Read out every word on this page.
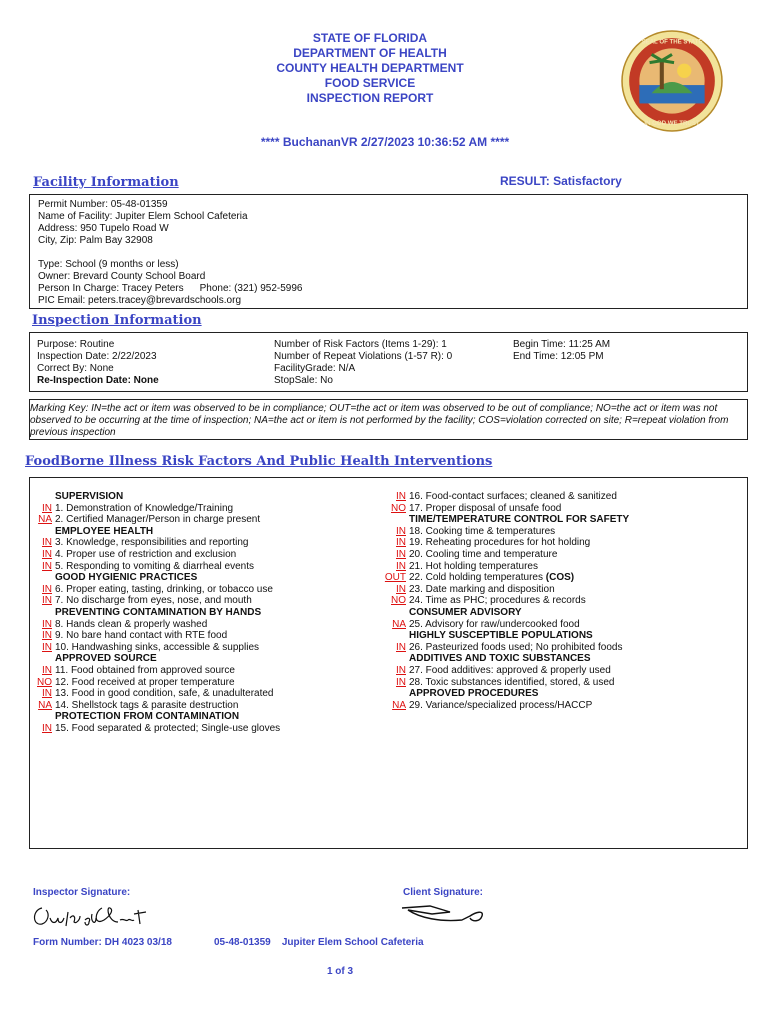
STATE OF FLORIDA
DEPARTMENT OF HEALTH
COUNTY HEALTH DEPARTMENT
FOOD SERVICE
INSPECTION REPORT
SEAL OF THE STATE
IN GOD WE TRUST
**** BuchananVR 2/27/2023 10:36:52 AM ****
Facility Information	RESULT: Satisfactory
Permit Number: 05-48-01359
Name of Facility: Jupiter Elem School Cafeteria
Address: 950 Tupelo Road W
City, Zip: Palm Bay 32908
Type: School (9 months or less)
Owner: Brevard County School Board
Person In Charge: Tracey Peters Phone: (321) 952-5996
PIC Email: peters.tracey@brevardschools.org
Inspection Information
Purpose: Routine
Inspection Date: 2/22/2023
Correct By: None
Re-Inspection Date: None
Number of Risk Factors (Items 1-29): 1
Number of Repeat Violations (1-57 R): 0
FacilityGrade: N/A
StopSale: No
Begin Time: 11:25 AM
End Time: 12:05 PM
Marking Key: IN=the act or item was observed to be in compliance; OUT=the act or item was observed to be out of compliance; NO=the act or item was not observed to be occurring at the time of inspection; NA=the act or item is not performed by the facility; COS=violation corrected on site; R=repeat violation from previous inspection
FoodBorne Illness Risk Factors And Public Health Interventions
SUPERVISION
IN 1. Demonstration of Knowledge/Training
NA 2. Certified Manager/Person in charge present
EMPLOYEE HEALTH
IN 3. Knowledge, responsibilities and reporting
IN 4. Proper use of restriction and exclusion
IN 5. Responding to vomiting & diarrheal events
GOOD HYGIENIC PRACTICES
IN 6. Proper eating, tasting, drinking, or tobacco use
IN 7. No discharge from eyes, nose, and mouth
PREVENTING CONTAMINATION BY HANDS
IN 8. Hands clean & properly washed
IN 9. No bare hand contact with RTE food
IN 10. Handwashing sinks, accessible & supplies
APPROVED SOURCE
IN 11. Food obtained from approved source
NO 12. Food received at proper temperature
IN 13. Food in good condition, safe, & unadulterated
NA 14. Shellstock tags & parasite destruction
PROTECTION FROM CONTAMINATION
IN 15. Food separated & protected; Single-use gloves
IN 16. Food-contact surfaces; cleaned & sanitized
NO 17. Proper disposal of unsafe food
TIME/TEMPERATURE CONTROL FOR SAFETY
IN 18. Cooking time & temperatures
IN 19. Reheating procedures for hot holding
IN 20. Cooling time and temperature
IN 21. Hot holding temperatures
OUT 22. Cold holding temperatures (COS)
IN 23. Date marking and disposition
NO 24. Time as PHC; procedures & records
CONSUMER ADVISORY
NA 25. Advisory for raw/undercooked food
HIGHLY SUSCEPTIBLE POPULATIONS
IN 26. Pasteurized foods used; No prohibited foods
ADDITIVES AND TOXIC SUBSTANCES
IN 27. Food additives: approved & properly used
IN 28. Toxic substances identified, stored, & used
APPROVED PROCEDURES
NA 29. Variance/specialized process/HACCP
Inspector Signature:	Client Signature:
Form Number: DH 4023 03/18	05-48-01359    Jupiter Elem School Cafeteria
1 of 3
